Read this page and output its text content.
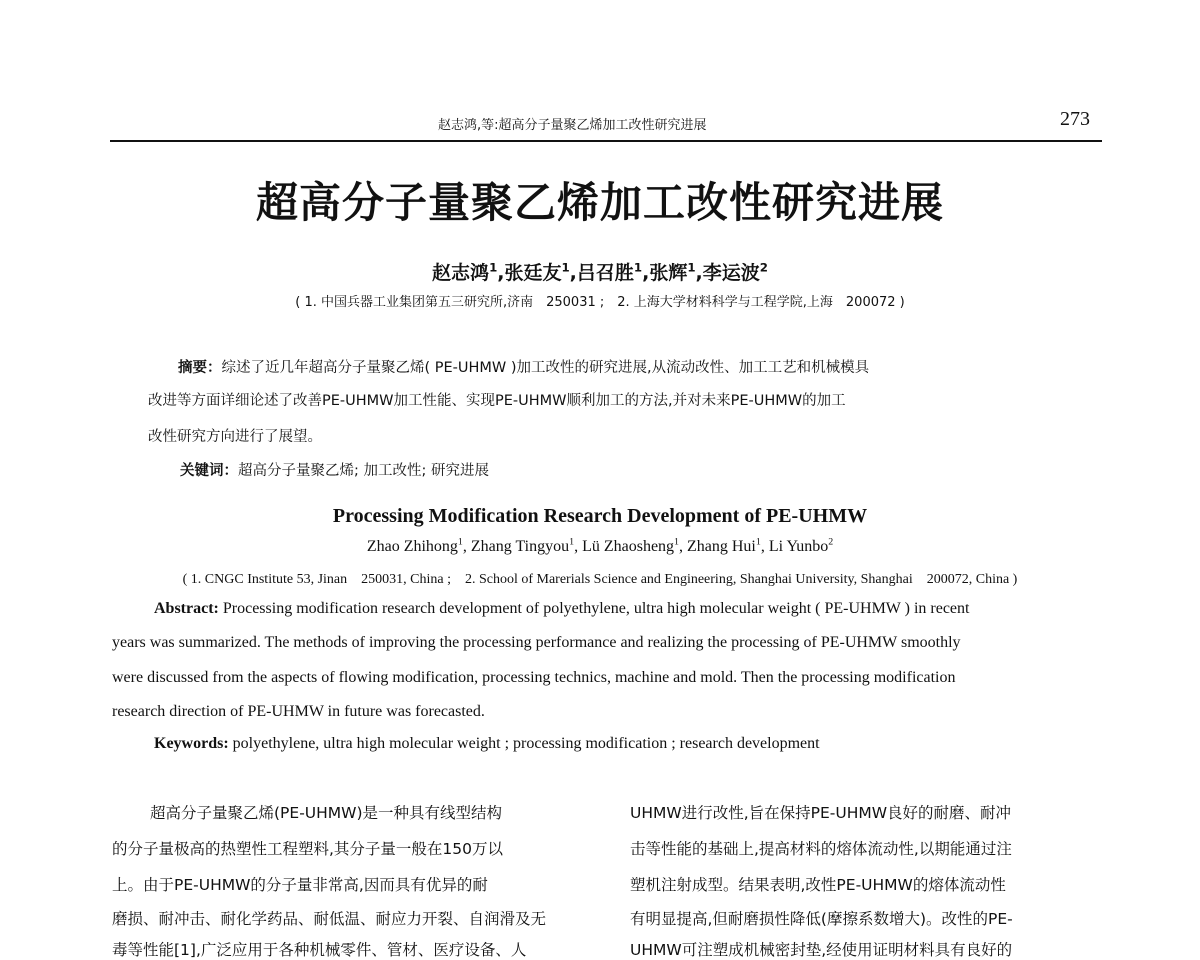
赵志鸿,等:超高分子量聚乙烯加工改性研究进展	273
超高分子量聚乙烯加工改性研究进展
赵志鸿$^1$,张廷友$^1$,吕召胜$^1$,张辉$^1$,李运波$^2$
( 1. 中国兵器工业集团第五三研究所,济南　250031 ;　2. 上海大学材料科学与工程学院,上海　200072 )
摘要：综述了近几年超高分子量聚乙烯( PE-UHMW )加工改性的研究进展,从流动改性、加工工艺和机械模具
改进等方面详细论述了改善PE-UHMW加工性能、实现PE-UHMW顺利加工的方法,并对未来PE-UHMW的加工
改性研究方向进行了展望。
关键词：超高分子量聚乙烯; 加工改性; 研究进展
Processing Modification Research Development of PE-UHMW
Zhao Zhihong$^1$, Zhang Tingyou$^1$, Lü Zhaosheng$^1$, Zhang Hui$^1$, Li Yunbo$^2$
( 1. CNGC Institute 53, Jinan　250031, China ;　2. School of Marerials Science and Engineering, Shanghai University, Shanghai　200072, China )
Abstract: Processing modification research development of polyethylene, ultra high molecular weight ( PE-UHMW ) in recent
years was summarized. The methods of improving the processing performance and realizing the processing of PE-UHMW smoothly
were discussed from the aspects of flowing modification, processing technics, machine and mold. Then the processing modification
research direction of PE-UHMW in future was forecasted.
Keywords: polyethylene, ultra high molecular weight ; processing modification ; research development
超高分子量聚乙烯(PE-UHMW)是一种具有线型结构
的分子量极高的热塑性工程塑料,其分子量一般在150万以
上。由于PE-UHMW的分子量非常高,因而具有优异的耐
磨损、耐冲击、耐化学药品、耐低温、耐应力开裂、自润滑及无
毒等性能[1],广泛应用于各种机械零件、管材、医疗设备、人
UHMW进行改性,旨在保持PE-UHMW良好的耐磨、耐冲
击等性能的基础上,提高材料的熔体流动性,以期能通过注
塑机注射成型。结果表明,改性PE-UHMW的熔体流动性
有明显提高,但耐磨损性降低(摩擦系数增大)。改性的PE-
UHMW可注塑成机械密封垫,经使用证明材料具有良好的
